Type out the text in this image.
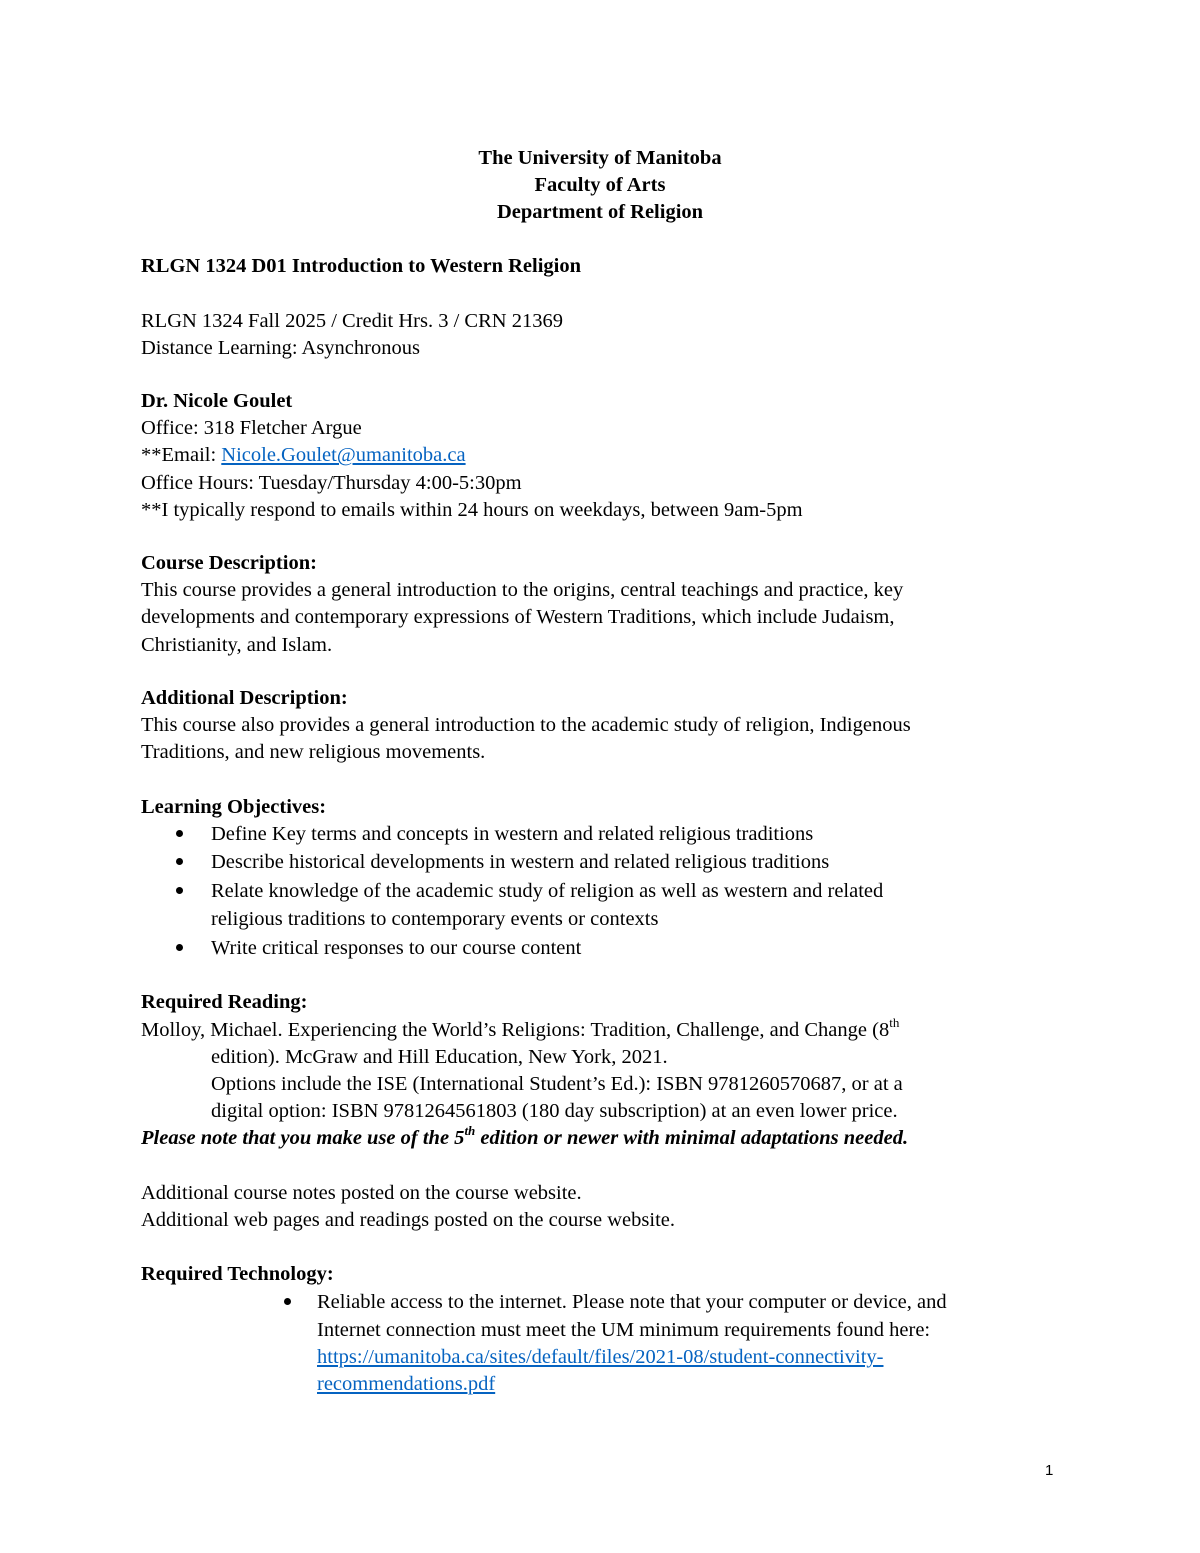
The University of Manitoba
Faculty of Arts
Department of Religion
RLGN 1324 D01 Introduction to Western Religion
RLGN 1324 Fall 2025 / Credit Hrs. 3 / CRN 21369
Distance Learning: Asynchronous
Dr. Nicole Goulet
Office: 318 Fletcher Argue
**Email: Nicole.Goulet@umanitoba.ca
Office Hours: Tuesday/Thursday 4:00-5:30pm
**I typically respond to emails within 24 hours on weekdays, between 9am-5pm
Course Description:
This course provides a general introduction to the origins, central teachings and practice, key
developments and contemporary expressions of Western Traditions, which include Judaism,
Christianity, and Islam.
Additional Description:
This course also provides a general introduction to the academic study of religion, Indigenous
Traditions, and new religious movements.
Learning Objectives:
Define Key terms and concepts in western and related religious traditions
Describe historical developments in western and related religious traditions
Relate knowledge of the academic study of religion as well as western and related
religious traditions to contemporary events or contexts
Write critical responses to our course content
Required Reading:
Molloy, Michael. Experiencing the World’s Religions: Tradition, Challenge, and Change (8th
edition). McGraw and Hill Education, New York, 2021.
Options include the ISE (International Student’s Ed.): ISBN 9781260570687, or at a
digital option: ISBN 9781264561803 (180 day subscription) at an even lower price.
Please note that you make use of the 5th edition or newer with minimal adaptations needed.
Additional course notes posted on the course website.
Additional web pages and readings posted on the course website.
Required Technology:
Reliable access to the internet. Please note that your computer or device, and
Internet connection must meet the UM minimum requirements found here:
https://umanitoba.ca/sites/default/files/2021-08/student-connectivity-
recommendations.pdf
1
